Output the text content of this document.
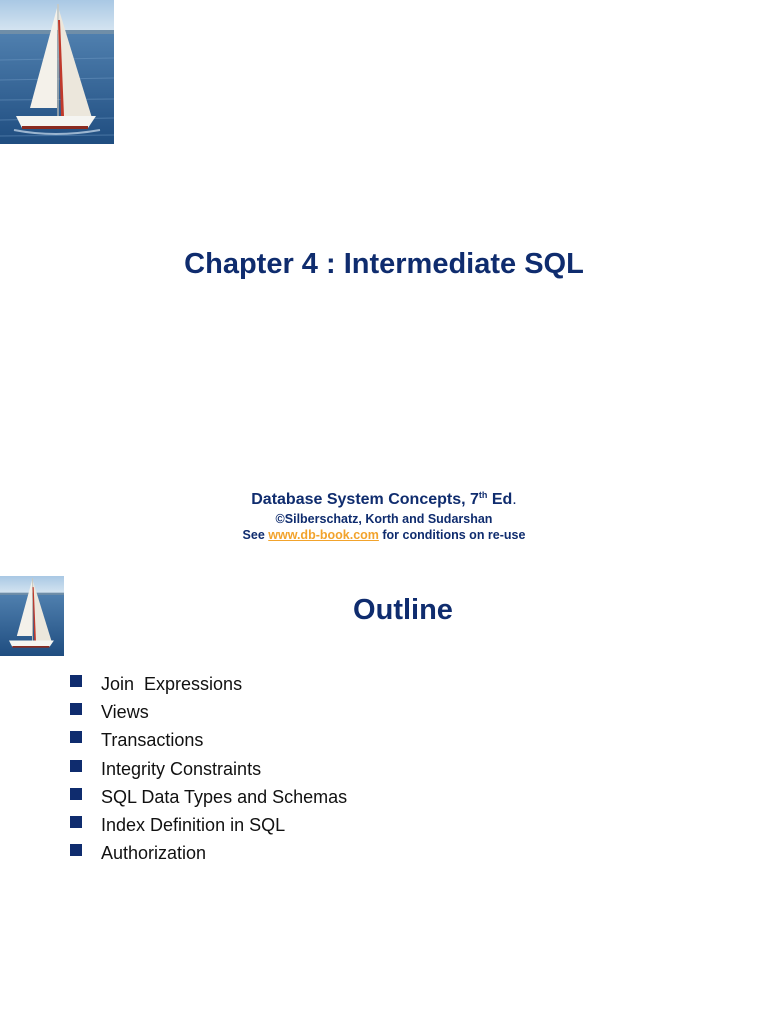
Chapter 4 : Intermediate SQL
Database System Concepts, 7th Ed.
©Silberschatz, Korth and Sudarshan
See www.db-book.com for conditions on re-use
Outline
Join  Expressions
Views
Transactions
Integrity Constraints
SQL Data Types and Schemas
Index Definition in SQL
Authorization
